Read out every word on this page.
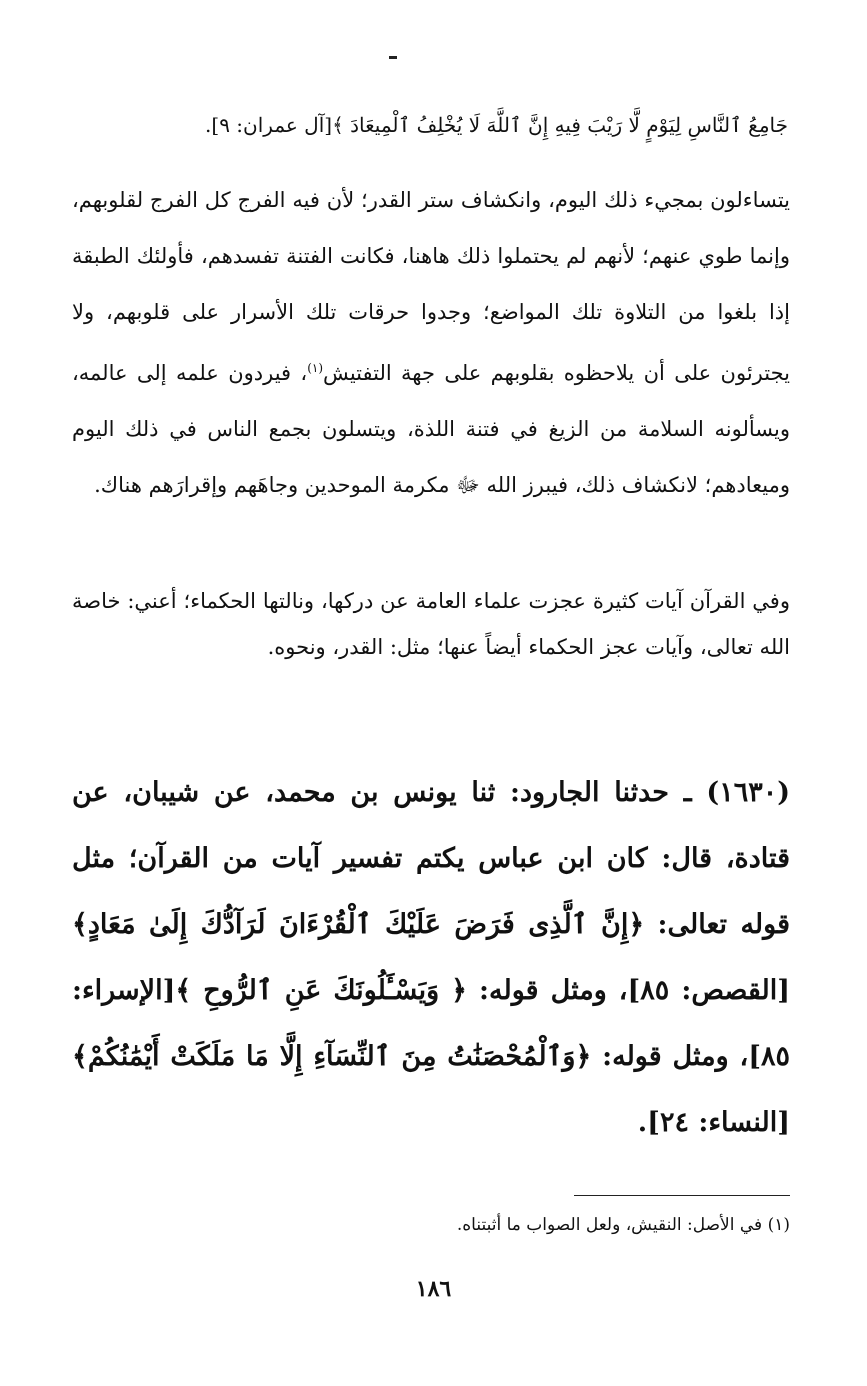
جَامِعُ ٱلنَّاسِ لِيَوْمٍ لَّا رَيْبَ فِيهِ إِنَّ ٱللَّهَ لَا يُخْلِفُ ٱلْمِيعَادَ ﴾[آل عمران: ٩].

يتساءلون بمجيء ذلك اليوم، وانكشاف ستر القدر؛ لأن فيه الفرج كل الفرج لقلوبهم، وإنما طوي عنهم؛ لأنهم لم يحتملوا ذلك هاهنا، فكانت الفتنة تفسدهم، فأولئك الطبقة إذا بلغوا من التلاوة تلك المواضع؛ وجدوا حرقات تلك الأسرار على قلوبهم، ولا يجترئون على أن يلاحظوه بقلوبهم على جهة التفتيش$^{(١)}$، فيردون علمه إلى عالمه، ويسألونه السلامة من الزيغ في فتنة اللذة، ويتسلون بجمع الناس في ذلك اليوم وميعادهم؛ لانكشاف ذلك، فيبرز الله ﷻ مكرمة الموحدين وجاهَهم وإقرارَهم هناك.

وفي القرآن آيات كثيرة عجزت علماء العامة عن دركها، ونالتها الحكماء؛ أعني: خاصة الله تعالى، وآيات عجز الحكماء أيضاً عنها؛ مثل: القدر، ونحوه.

(١٦٣٠) ـ حدثنا الجارود: ثنا يونس بن محمد، عن شيبان، عن قتادة، قال: كان ابن عباس يكتم تفسير آيات من القرآن؛ مثل قوله تعالى: ﴿إِنَّ ٱلَّذِى فَرَضَ عَلَيْكَ ٱلْقُرْءَانَ لَرَآدُّكَ إِلَىٰ مَعَادٍ﴾[القصص: ٨٥]، ومثل قوله: ﴿ وَيَسْـَٔلُونَكَ عَنِ ٱلرُّوحِ ﴾[الإسراء: ٨٥]، ومثل قوله: ﴿وَٱلْمُحْصَنَٰتُ مِنَ ٱلنِّسَآءِ إِلَّا مَا مَلَكَتْ أَيْمَٰنُكُمْ﴾[النساء: ٢٤].

(١) في الأصل: النقيش، ولعل الصواب ما أثبتناه.

١٨٦
